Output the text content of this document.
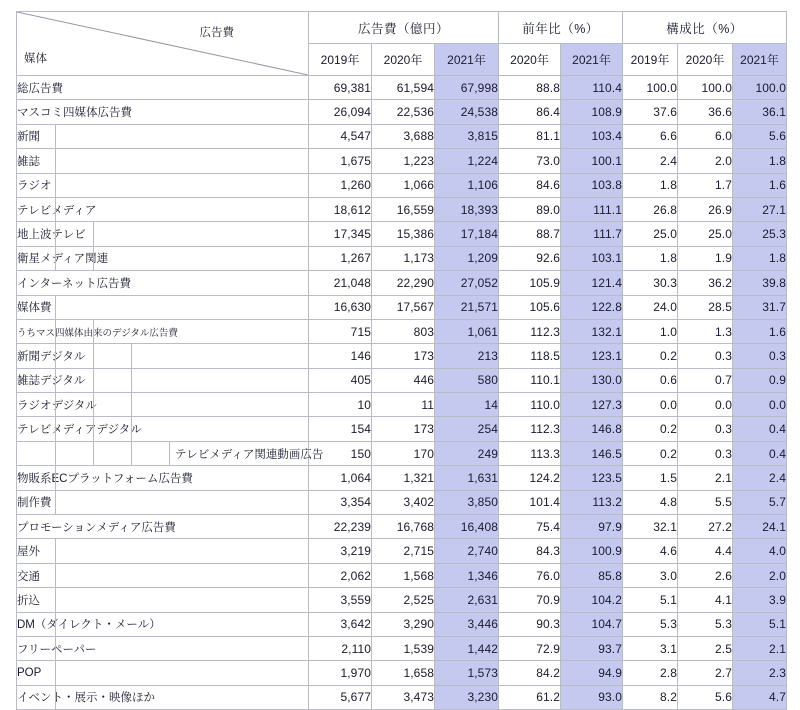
広告費
媒体	広告費（億円）			前年比（%）		構成比（%）		
	2019年	2020年	2021年	2020年	2021年	2019年	2020年	2021年
総広告費	69,381	61,594	67,998	88.8	110.4	100.0	100.0	100.0
マスコミ四媒体広告費	26,094	22,536	24,538	86.4	108.9	37.6	36.6	36.1

新聞	4,547	3,688	3,815	81.1	103.4	6.6	6.0	5.6

雑誌	1,675	1,223	1,224	73.0	100.1	2.4	2.0	1.8

ラジオ	1,260	1,066	1,106	84.6	103.8	1.8	1.7	1.6

テレビメディア	18,612	16,559	18,393	89.0	111.1	26.8	26.9	27.1

地上波テレビ	17,345	15,386	17,184	88.7	111.7	25.0	25.0	25.3

衛星メディア関連	1,267	1,173	1,209	92.6	103.1	1.8	1.9	1.8
インターネット広告費	21,048	22,290	27,052	105.9	121.4	30.3	36.2	39.8

媒体費	16,630	17,567	21,571	105.6	122.8	24.0	28.5	31.7

うちマス四媒体由来のデジタル広告費	715	803	1,061	112.3	132.1	1.0	1.3	1.6

新聞デジタル	146	173	213	118.5	123.1	0.2	0.3	0.3

雑誌デジタル	405	446	580	110.1	130.0	0.6	0.7	0.9

ラジオデジタル	10	11	14	110.0	127.3	0.0	0.0	0.0

テレビメディアデジタル	154	173	254	112.3	146.8	0.2	0.3	0.4

テレビメディア関連動画広告	150	170	249	113.3	146.5	0.2	0.3	0.4

物販系ECプラットフォーム広告費	1,064	1,321	1,631	124.2	123.5	1.5	2.1	2.4

制作費	3,354	3,402	3,850	101.4	113.2	4.8	5.5	5.7
プロモーションメディア広告費	22,239	16,768	16,408	75.4	97.9	32.1	27.2	24.1

屋外	3,219	2,715	2,740	84.3	100.9	4.6	4.4	4.0

交通	2,062	1,568	1,346	76.0	85.8	3.0	2.6	2.0

折込	3,559	2,525	2,631	70.9	104.2	5.1	4.1	3.9

DM（ダイレクト・メール）	3,642	3,290	3,446	90.3	104.7	5.3	5.3	5.1

フリーペーパー	2,110	1,539	1,442	72.9	93.7	3.1	2.5	2.1

POP	1,970	1,658	1,573	84.2	94.9	2.8	2.7	2.3

イベント・展示・映像ほか	5,677	3,473	3,230	61.2	93.0	8.2	5.6	4.7
